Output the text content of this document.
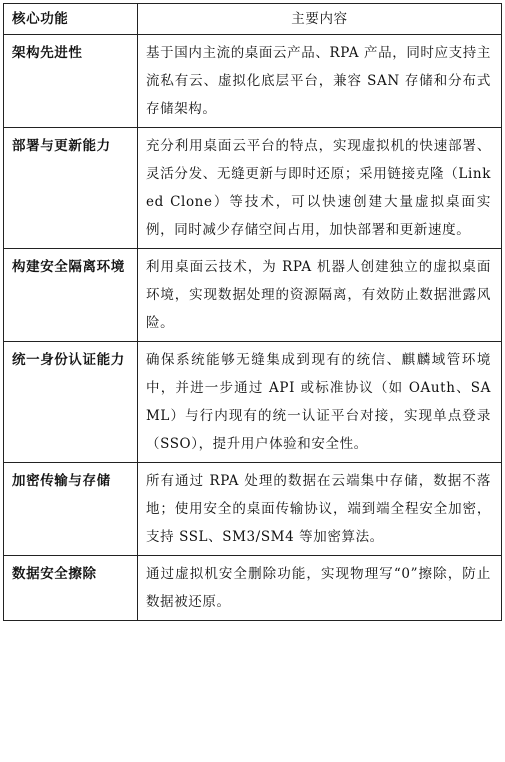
核心功能	主要内容
架构先进性	基于国内主流的桌面云产品、RPA 产品，同时应支持主流私有云、虚拟化底层平台，兼容 SAN 存储和分布式存储架构。
部署与更新能力	充分利用桌面云平台的特点，实现虚拟机的快速部署、灵活分发、无缝更新与即时还原；采用链接克隆（Linked Clone）等技术，可以快速创建大量虚拟桌面实例，同时减少存储空间占用，加快部署和更新速度。
构建安全隔离环境	利用桌面云技术，为 RPA 机器人创建独立的虚拟桌面环境，实现数据处理的资源隔离，有效防止数据泄露风险。
统一身份认证能力	确保系统能够无缝集成到现有的统信、麒麟域管环境中，并进一步通过 API 或标准协议（如 OAuth、SAML）与行内现有的统一认证平台对接，实现单点登录（SSO），提升用户体验和安全性。
加密传输与存储	所有通过 RPA 处理的数据在云端集中存储，数据不落地；使用安全的桌面传输协议，端到端全程安全加密，支持 SSL、SM3/SM4 等加密算法。
数据安全擦除	通过虚拟机安全删除功能，实现物理写“0”擦除，防止数据被还原。
